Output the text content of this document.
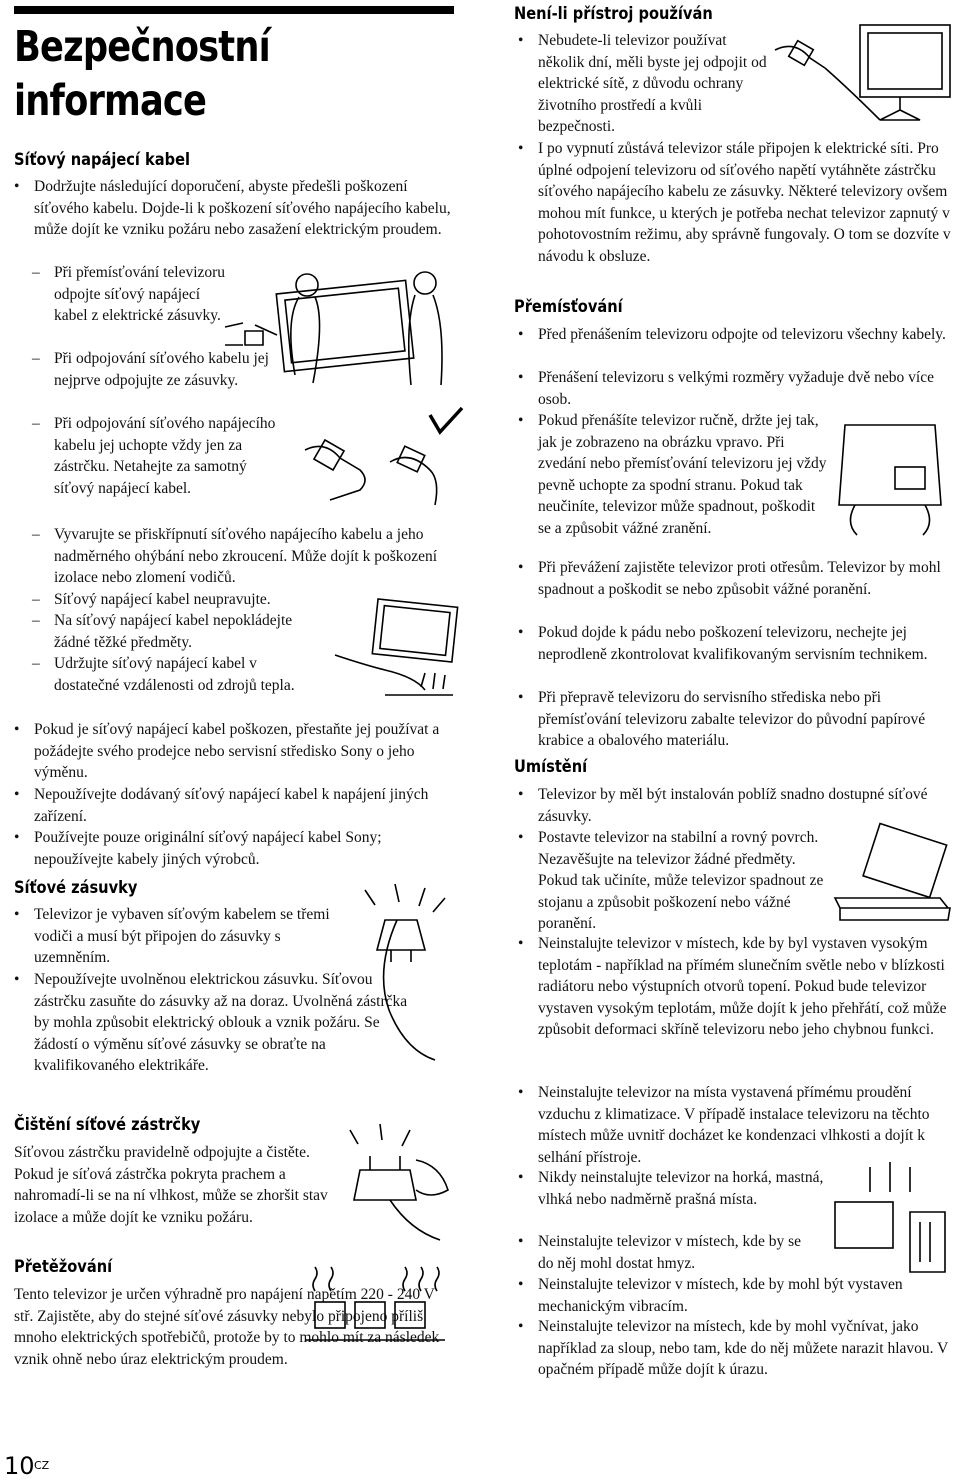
Bezpečnostní
informace
Síťový napájecí kabel
• Dodržujte následující doporučení, abyste předešli poškození síťového kabelu. Dojde-li k poškození síťového napájecího kabelu, může dojít ke vzniku požáru nebo zasažení elektrickým proudem.
– Při přemísťování televizoru odpojte síťový napájecí kabel z elektrické zásuvky.
– Při odpojování síťového kabelu jej nejprve odpojujte ze zásuvky.
– Při odpojování síťového napájecího kabelu jej uchopte vždy jen za zástrčku. Netahejte za samotný síťový napájecí kabel.
– Vyvarujte se přiskřípnutí síťového napájecího kabelu a jeho nadměrného ohýbání nebo zkroucení. Může dojít k poškození izolace nebo zlomení vodičů.
– Síťový napájecí kabel neupravujte.
– Na síťový napájecí kabel nepokládejte žádné těžké předměty.
– Udržujte síťový napájecí kabel v dostatečné vzdálenosti od zdrojů tepla.
• Pokud je síťový napájecí kabel poškozen, přestaňte jej používat a požádejte svého prodejce nebo servisní středisko Sony o jeho výměnu.
• Nepoužívejte dodávaný síťový napájecí kabel k napájení jiných zařízení.
• Používejte pouze originální síťový napájecí kabel Sony; nepoužívejte kabely jiných výrobců.
Síťové zásuvky
• Televizor je vybaven síťovým kabelem se třemi vodiči a musí být připojen do zásuvky s uzemněním.
• Nepoužívejte uvolněnou elektrickou zásuvku. Síťovou zástrčku zasuňte do zásuvky až na doraz. Uvolněná zástrčka by mohla způsobit elektrický oblouk a vznik požáru. Se žádostí o výměnu síťové zásuvky se obraťte na kvalifikovaného elektrikáře.
Čištění síťové zástrčky
Síťovou zástrčku pravidelně odpojujte a čistěte. Pokud je síťová zástrčka pokryta prachem a nahromadí-li se na ní vlhkost, může se zhoršit stav izolace a může dojít ke vzniku požáru.
Přetěžování
Tento televizor je určen výhradně pro napájení napětím 220 - 240 V stř. Zajistěte, aby do stejné síťové zásuvky nebylo připojeno příliš mnoho elektrických spotřebičů, protože by to mohlo mít za následek vznik ohně nebo úraz elektrickým proudem.
Není-li přístroj používán
• Nebudete-li televizor používat několik dní, měli byste jej odpojit od elektrické sítě, z důvodu ochrany životního prostředí a kvůli bezpečnosti.
• I po vypnutí zůstává televizor stále připojen k elektrické síti. Pro úplné odpojení televizoru od síťového napětí vytáhněte zástrčku síťového napájecího kabelu ze zásuvky. Některé televizory ovšem mohou mít funkce, u kterých je potřeba nechat televizor zapnutý v pohotovostním režimu, aby správně fungovaly. O tom se dozvíte v návodu k obsluze.
Přemísťování
• Před přenášením televizoru odpojte od televizoru všechny kabely.
• Přenášení televizoru s velkými rozměry vyžaduje dvě nebo více osob.
• Pokud přenášíte televizor ručně, držte jej tak, jak je zobrazeno na obrázku vpravo. Při zvedání nebo přemísťování televizoru jej vždy pevně uchopte za spodní stranu. Pokud tak neučiníte, televizor může spadnout, poškodit se a způsobit vážné zranění.
• Při převážení zajistěte televizor proti otřesům. Televizor by mohl spadnout a poškodit se nebo způsobit vážné poranění.
• Pokud dojde k pádu nebo poškození televizoru, nechejte jej neprodleně zkontrolovat kvalifikovaným servisním technikem.
• Při přepravě televizoru do servisního střediska nebo při přemísťování televizoru zabalte televizor do původní papírové krabice a obalového materiálu.
Umístění
• Televizor by měl být instalován poblíž snadno dostupné síťové zásuvky.
• Postavte televizor na stabilní a rovný povrch. Nezavěšujte na televizor žádné předměty. Pokud tak učiníte, může televizor spadnout ze stojanu a způsobit poškození nebo vážné poranění.
• Neinstalujte televizor v místech, kde by byl vystaven vysokým teplotám - například na přímém slunečním světle nebo v blízkosti radiátoru nebo výstupních otvorů topení. Pokud bude televizor vystaven vysokým teplotám, může dojít k jeho přehřátí, což může způsobit deformaci skříně televizoru nebo jeho chybnou funkci.
• Neinstalujte televizor na místa vystavená přímému proudění vzduchu z klimatizace. V případě instalace televizoru na těchto místech může uvnitř docházet ke kondenzaci vlhkosti a dojít k selhání přístroje.
• Nikdy neinstalujte televizor na horká, mastná, vlhká nebo nadměrně prašná místa.
• Neinstalujte televizor v místech, kde by se do něj mohl dostat hmyz.
• Neinstalujte televizor v místech, kde by mohl být vystaven mechanickým vibracím.
• Neinstalujte televizor na místech, kde by mohl vyčnívat, jako například za sloup, nebo tam, kde do něj můžete narazit hlavou. V opačném případě může dojít k úrazu.
10 CZ
